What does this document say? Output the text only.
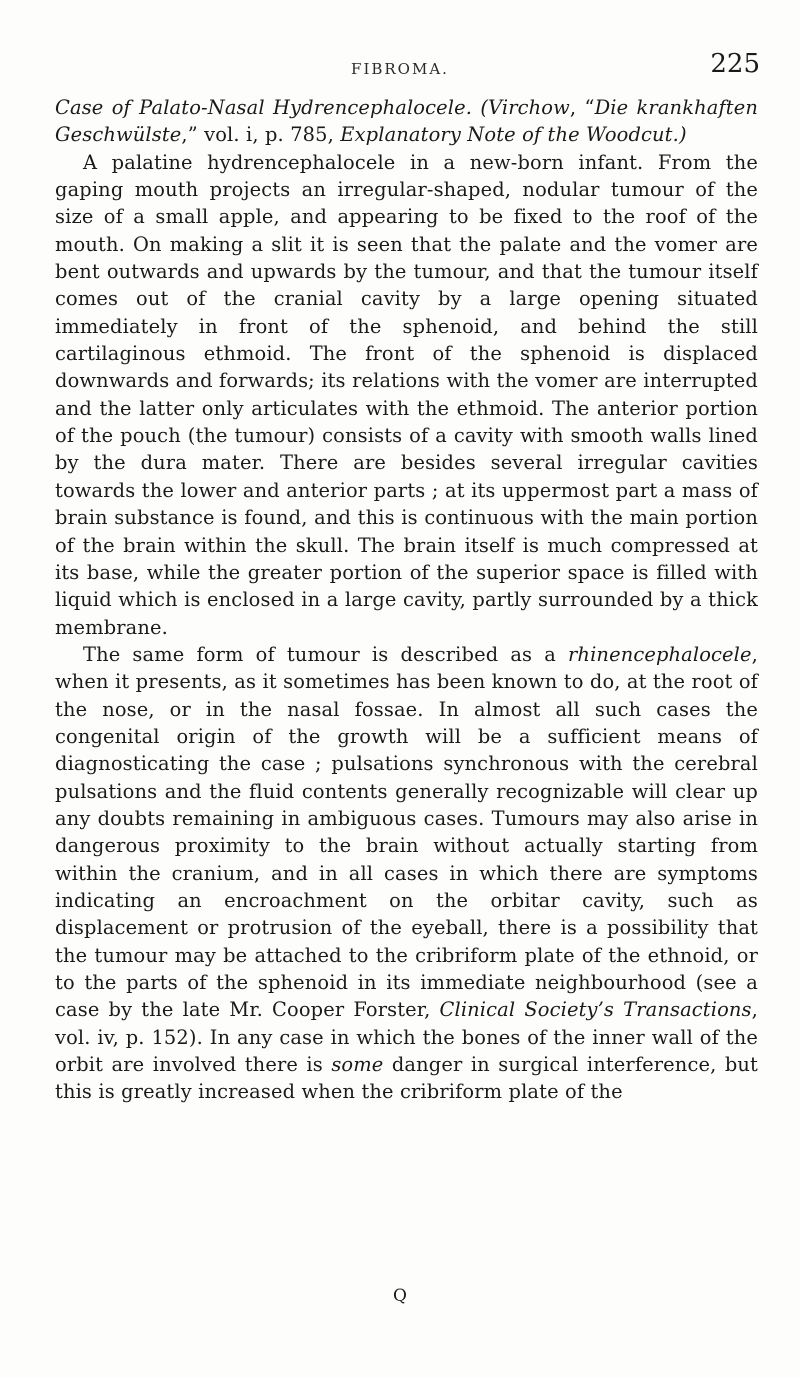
FIBROMA.	225

Case of Palato-Nasal Hydrencephalocele. (Virchow, “Die krankhaften Geschwülste,” vol. i, p. 785, Explanatory Note of the Woodcut.)

A palatine hydrencephalocele in a new-born infant. From the gaping mouth projects an irregular-shaped, nodular tumour of the size of a small apple, and appearing to be fixed to the roof of the mouth. On making a slit it is seen that the palate and the vomer are bent outwards and upwards by the tumour, and that the tumour itself comes out of the cranial cavity by a large opening situated immediately in front of the sphenoid, and behind the still cartilaginous ethmoid. The front of the sphenoid is displaced downwards and forwards; its relations with the vomer are interrupted and the latter only articulates with the ethmoid. The anterior portion of the pouch (the tumour) consists of a cavity with smooth walls lined by the dura mater. There are besides several irregular cavities towards the lower and anterior parts ; at its uppermost part a mass of brain substance is found, and this is continuous with the main portion of the brain within the skull. The brain itself is much compressed at its base, while the greater portion of the superior space is filled with liquid which is enclosed in a large cavity, partly surrounded by a thick membrane.

The same form of tumour is described as a rhinencephalocele, when it presents, as it sometimes has been known to do, at the root of the nose, or in the nasal fossae. In almost all such cases the congenital origin of the growth will be a sufficient means of diagnosticating the case ; pulsations synchronous with the cerebral pulsations and the fluid contents generally recognizable will clear up any doubts remaining in ambiguous cases. Tumours may also arise in dangerous proximity to the brain without actually starting from within the cranium, and in all cases in which there are symptoms indicating an encroachment on the orbitar cavity, such as displacement or protrusion of the eyeball, there is a possibility that the tumour may be attached to the cribriform plate of the ethnoid, or to the parts of the sphenoid in its immediate neighbourhood (see a case by the late Mr. Cooper Forster, Clinical Society’s Transactions, vol. iv, p. 152). In any case in which the bones of the inner wall of the orbit are involved there is some danger in surgical interference, but this is greatly increased when the cribriform plate of the

Q
